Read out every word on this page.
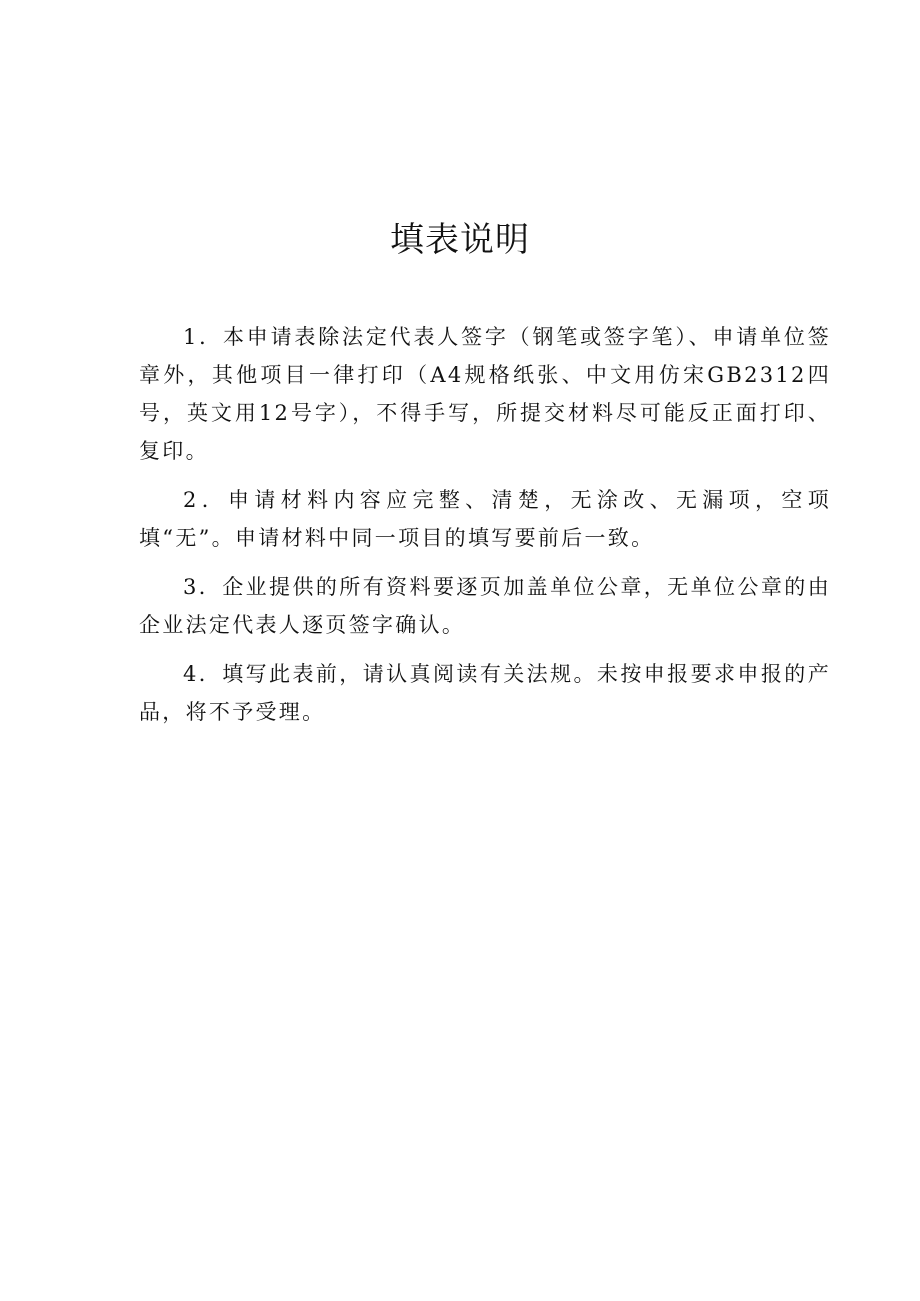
填表说明

1．本申请表除法定代表人签字（钢笔或签字笔）、申请单位签章外，其他项目一律打印（A4规格纸张、中文用仿宋GB2312四号，英文用12号字），不得手写，所提交材料尽可能反正面打印、复印。

2．申请材料内容应完整、清楚，无涂改、无漏项，空项填“无”。申请材料中同一项目的填写要前后一致。

3．企业提供的所有资料要逐页加盖单位公章，无单位公章的由企业法定代表人逐页签字确认。

4．填写此表前，请认真阅读有关法规。未按申报要求申报的产品，将不予受理。
